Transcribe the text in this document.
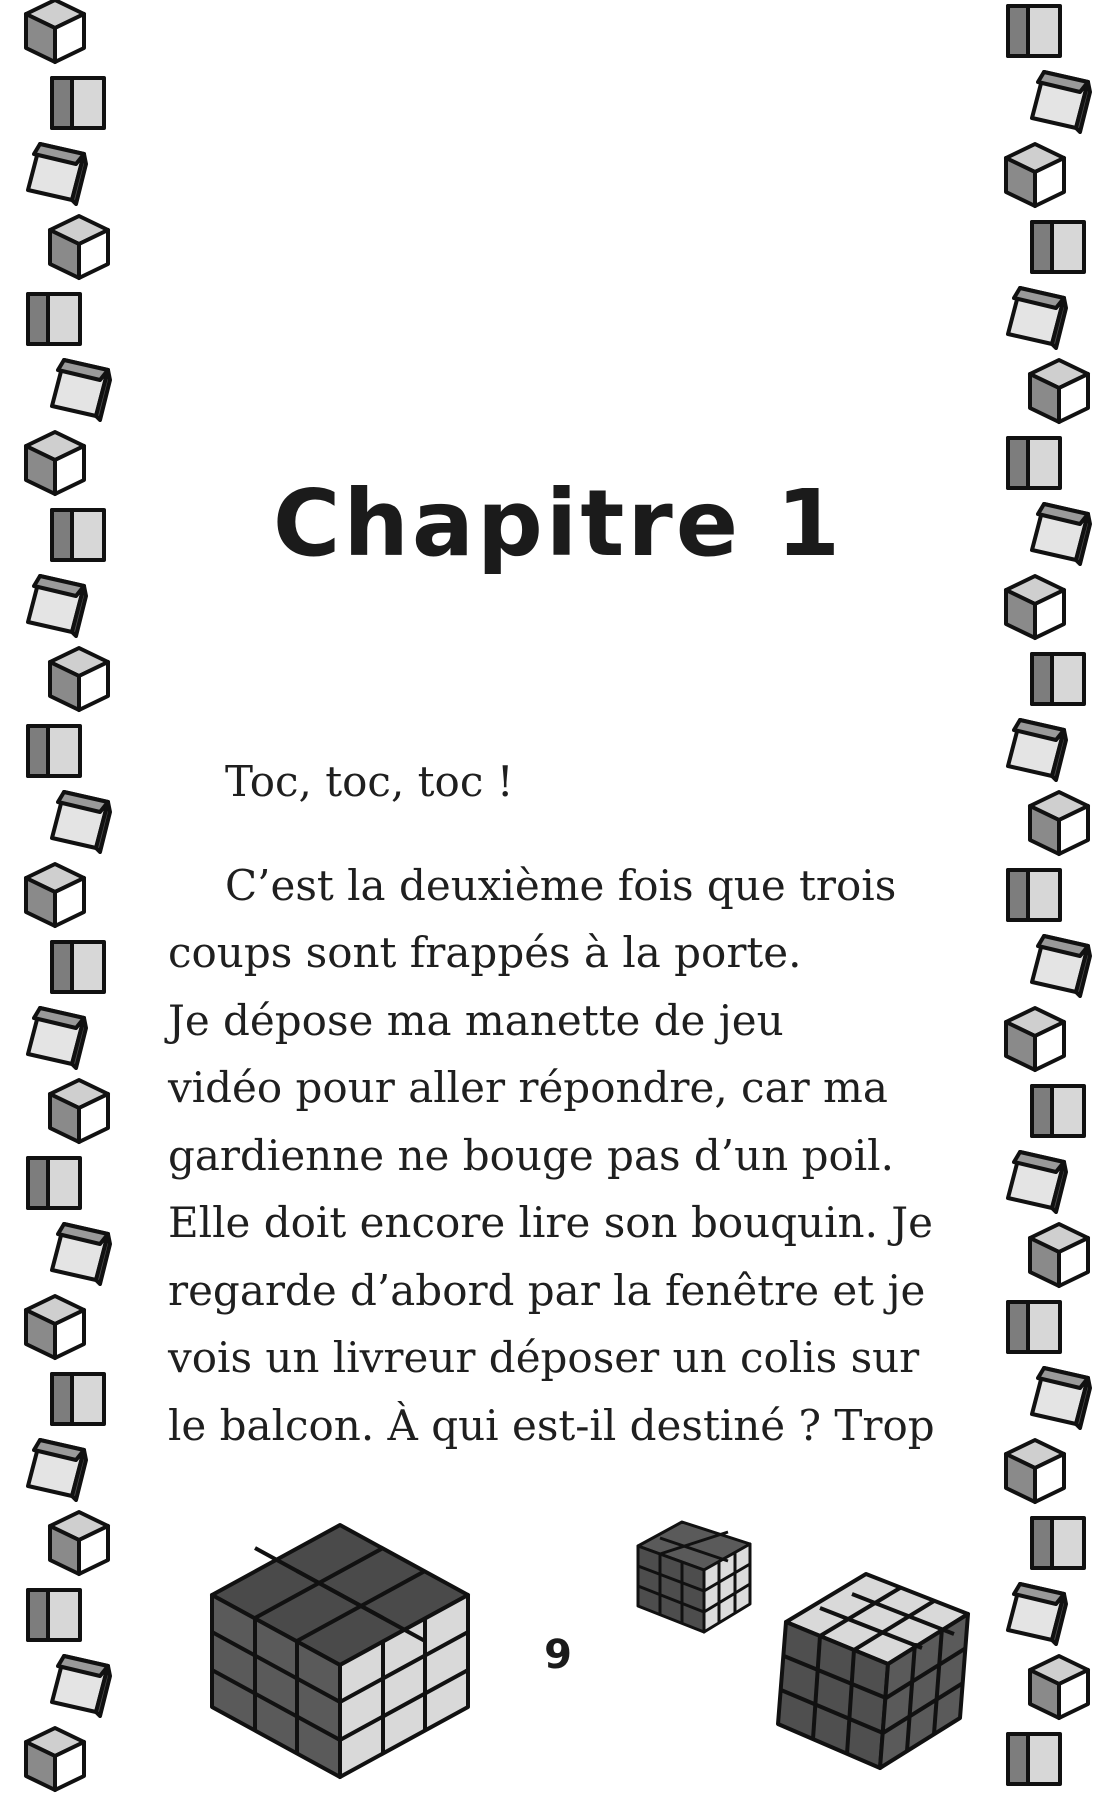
Chapitre 1
Toc, toc, toc !
C’est la deuxième fois que trois
coups sont frappés à la porte.
Je dépose ma manette de jeu
vidéo pour aller répondre, car ma
gardienne ne bouge pas d’un poil.
Elle doit encore lire son bouquin. Je
regarde d’abord par la fenêtre et je
vois un livreur déposer un colis sur
le balcon. À qui est-il destiné ? Trop
9
